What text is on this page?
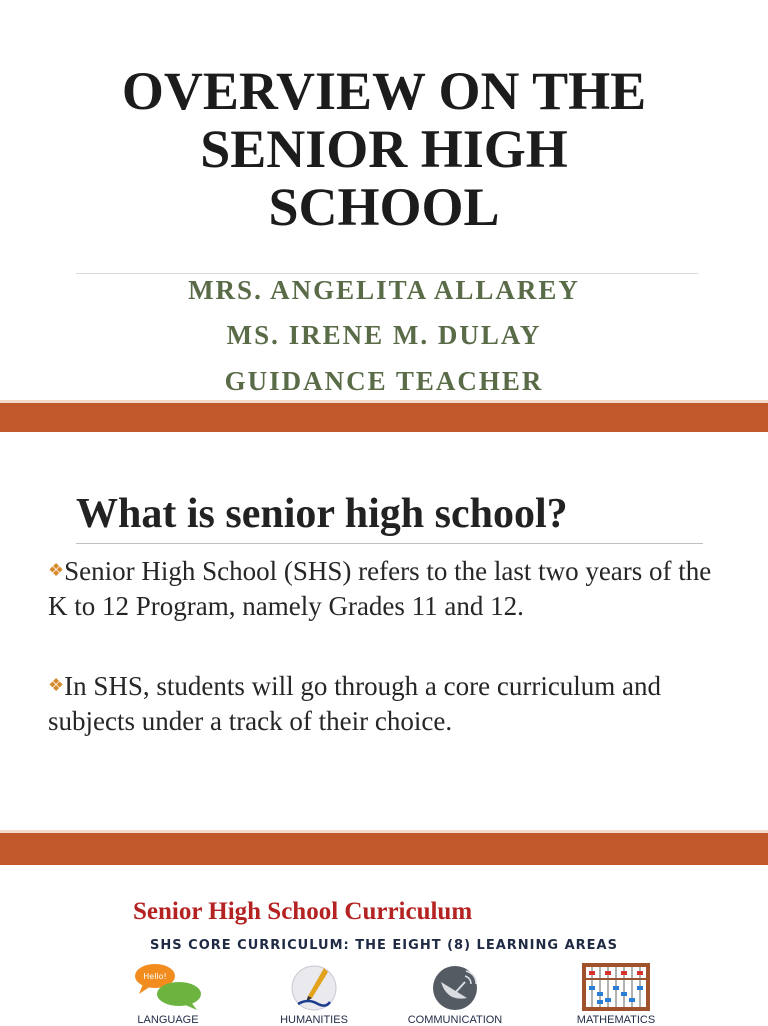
OVERVIEW ON THE
SENIOR HIGH
SCHOOL
MRS. ANGELITA ALLAREY
MS. IRENE M. DULAY
GUIDANCE TEACHER
What is senior high school?
❖Senior High School (SHS) refers to the last two years of the K to 12 Program, namely Grades 11 and 12.
❖In SHS, students will go through a core curriculum and subjects under a track of their choice.
Senior High School Curriculum
SHS CORE CURRICULUM: THE EIGHT (8) LEARNING AREAS
Hello!
LANGUAGE	HUMANITIES	COMMUNICATION	MATHEMATICS
